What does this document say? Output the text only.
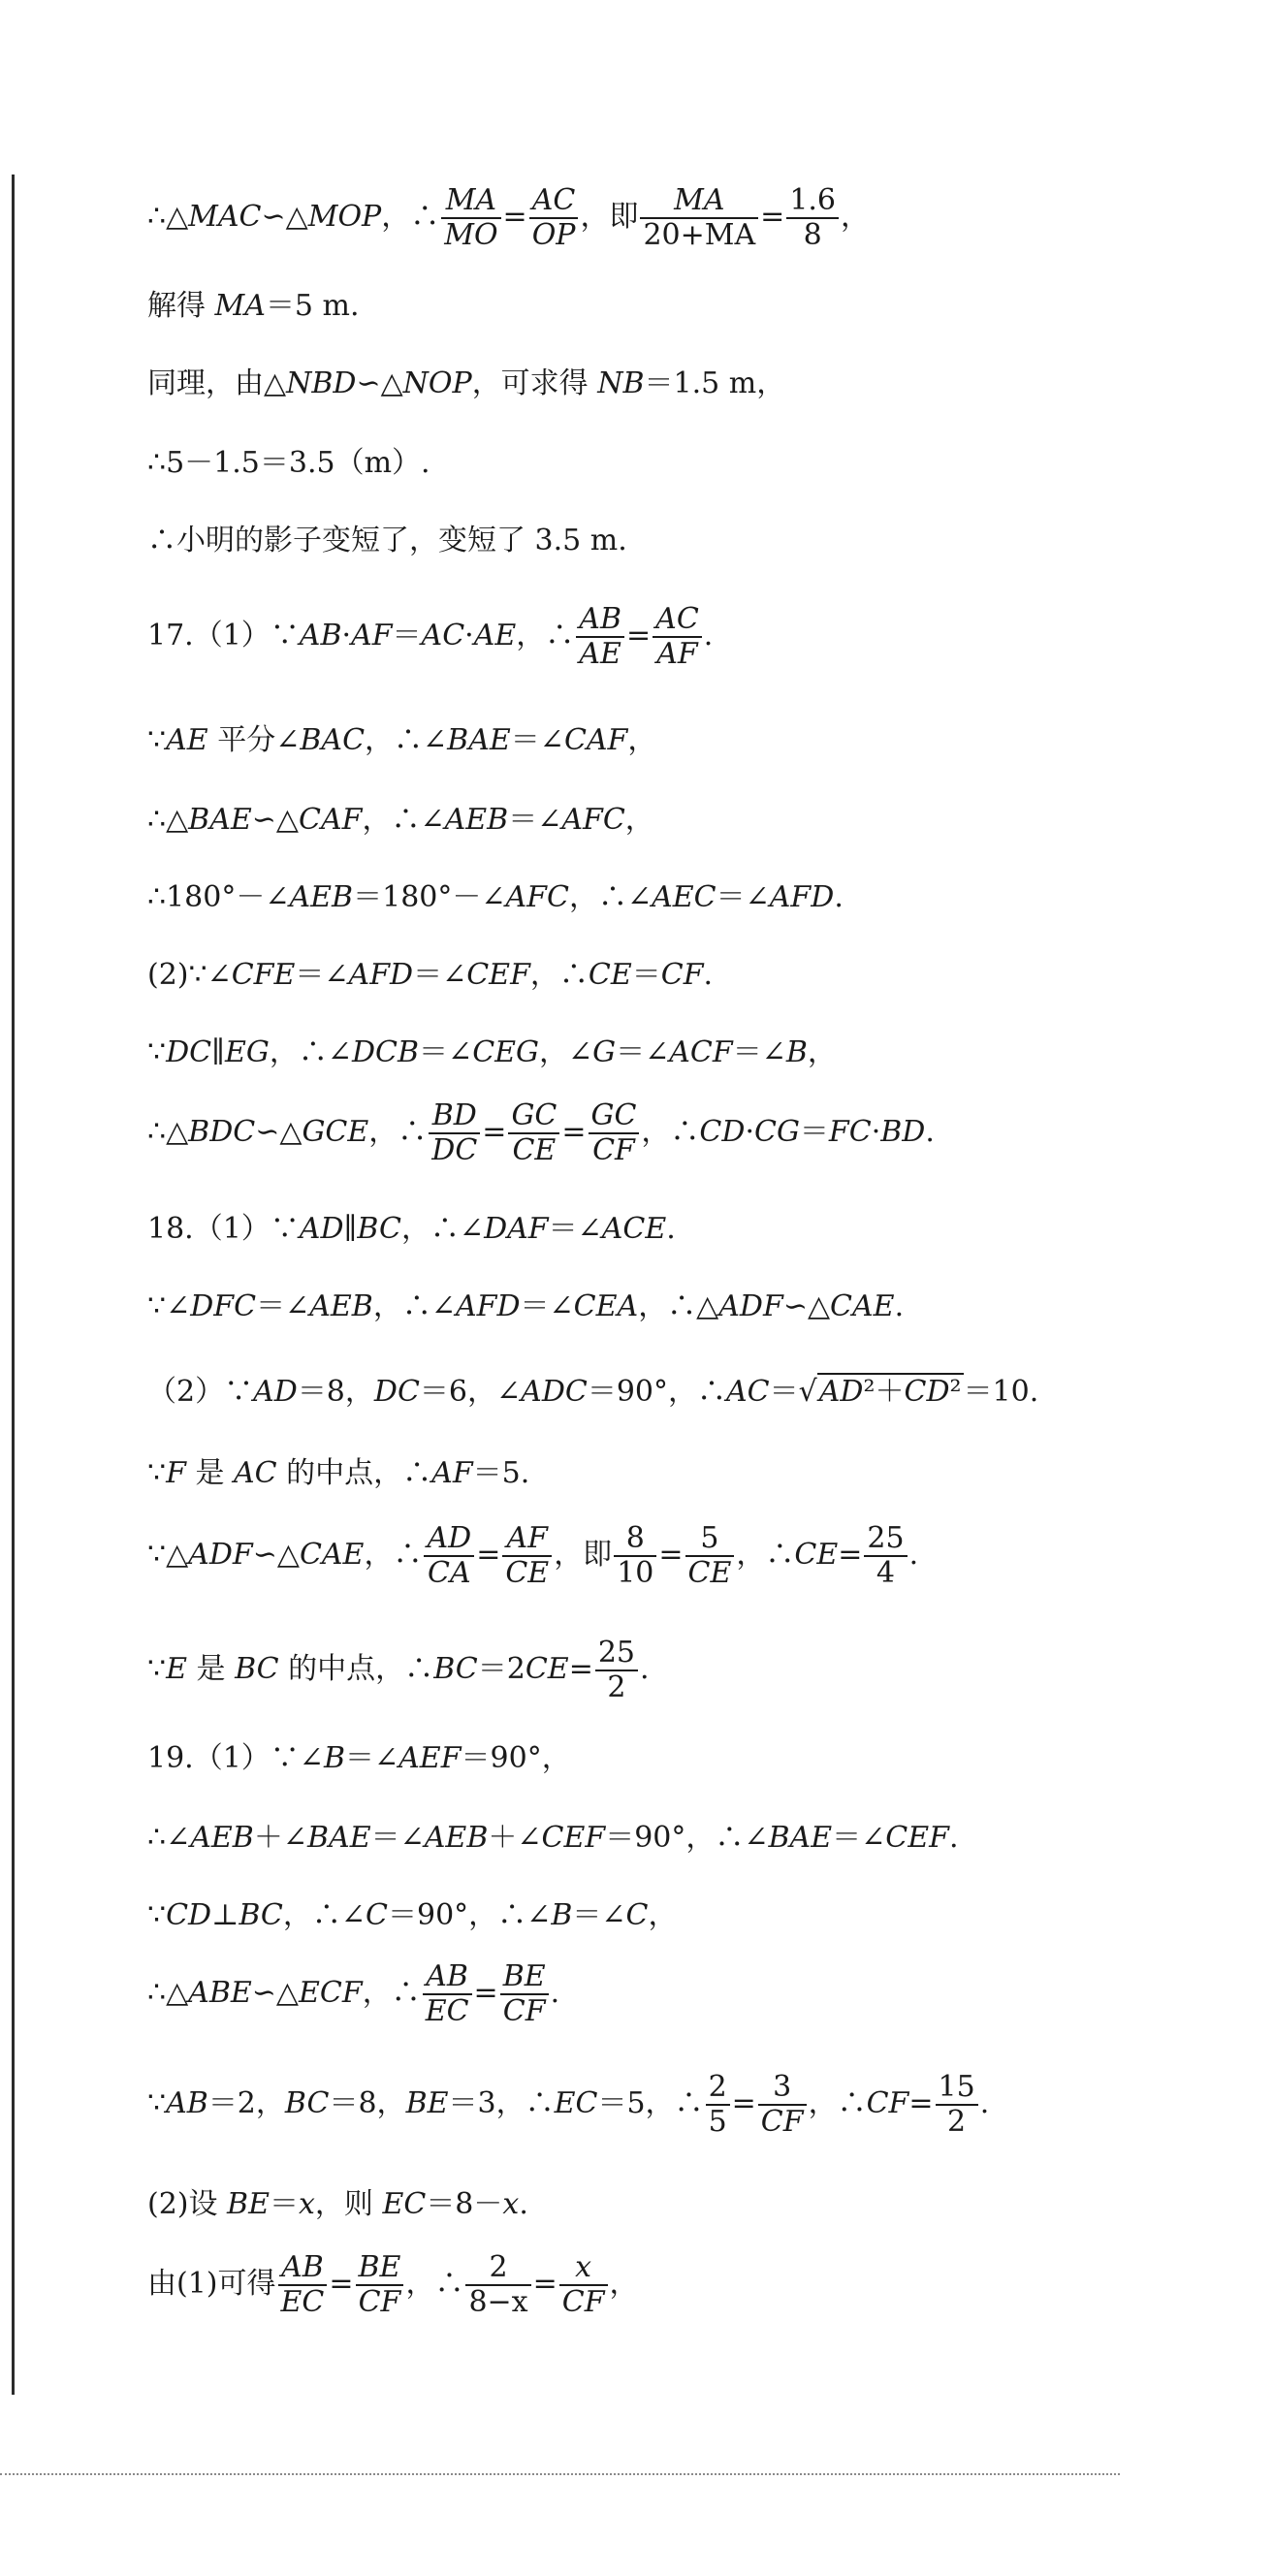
∴△MAC∽△MOP，∴ $\frac{MA}{MO} = \frac{AC}{OP}$ ，即 $\frac{MA}{20+MA} = \frac{1.6}{8}$ ，
解得 MA＝5 m.
同理，由△NBD∽△NOP，可求得 NB＝1.5 m，
∴5－1.5＝3.5（m）.
∴小明的影子变短了，变短了 3.5 m.
17.（1）∵AB·AF＝AC·AE，∴ $\frac{AB}{AE} = \frac{AC}{AF}$ .
∵AE 平分∠BAC，∴∠BAE＝∠CAF，
∴△BAE∽△CAF，∴∠AEB＝∠AFC，
∴180°－∠AEB＝180°－∠AFC，∴∠AEC＝∠AFD.
(2)∵∠CFE＝∠AFD＝∠CEF，∴CE＝CF.
∵DC∥EG，∴∠DCB＝∠CEG，∠G＝∠ACF＝∠B，
∴△BDC∽△GCE，∴ $\frac{BD}{DC} = \frac{GC}{CE} = \frac{GC}{CF}$ ，∴CD·CG＝FC·BD.
18.（1）∵AD∥BC，∴∠DAF＝∠ACE.
∵∠DFC＝∠AEB，∴∠AFD＝∠CEA，∴△ADF∽△CAE.
（2）∵AD＝8，DC＝6，∠ADC＝90°，∴AC＝√AD²＋CD²＝10.
∵F 是 AC 的中点，∴AF＝5.
∵△ADF∽△CAE，∴ $\frac{AD}{CA} = \frac{AF}{CE}$ ，即 $\frac{8}{10} = \frac{5}{CE}$ ，∴CE= $\frac{25}{4}$ .
∵E 是 BC 的中点，∴BC＝2CE= $\frac{25}{2}$ .
19.（1）∵∠B＝∠AEF＝90°，
∴∠AEB＋∠BAE＝∠AEB＋∠CEF＝90°，∴∠BAE＝∠CEF.
∵CD⊥BC，∴∠C＝90°，∴∠B＝∠C，
∴△ABE∽△ECF，∴ $\frac{AB}{EC} = \frac{BE}{CF}$ .
∵AB＝2，BC＝8，BE＝3，∴EC＝5，∴ $\frac{2}{5} = \frac{3}{CF}$ ，∴CF= $\frac{15}{2}$ .
(2)设 BE＝x，则 EC＝8－x.
由(1)可得 $\frac{AB}{EC} = \frac{BE}{CF}$ ，∴ $\frac{2}{8-x} = \frac{x}{CF}$ ，
